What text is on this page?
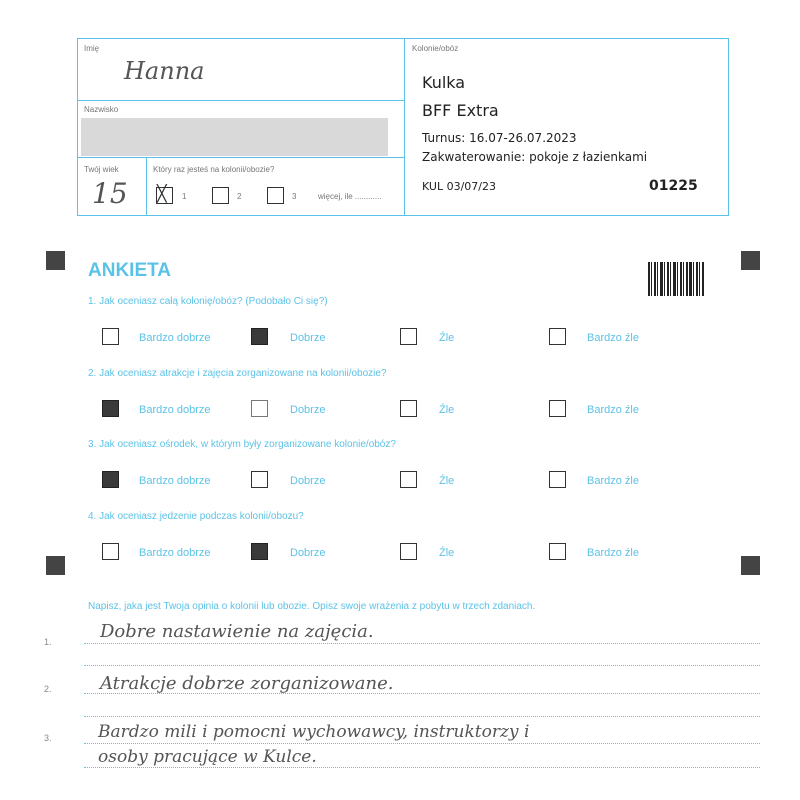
Imię
Hanna
Nazwisko
Twój wiek
15
Który raz jesteś na kolonii/obozie?
╳ 1	2	3	więcej, ile ............
Kolonie/obóz
Kulka
BFF Extra
Turnus: 16.07-26.07.2023
Zakwaterowanie: pokoje z łazienkami
KUL 03/07/23	01225
ANKIETA
1. Jak oceniasz całą kolonię/obóz? (Podobało Ci się?)
Bardzo dobrze	Dobrze	Źle	Bardzo źle
2. Jak oceniasz atrakcje i zajęcia zorganizowane na kolonii/obozie?
Bardzo dobrze	Dobrze	Źle	Bardzo źle
3. Jak oceniasz ośrodek, w którym były zorganizowane kolonie/obóz?
Bardzo dobrze	Dobrze	Źle	Bardzo źle
4. Jak oceniasz jedzenie podczas kolonii/obozu?
Bardzo dobrze	Dobrze	Źle	Bardzo źle
Napisz, jaka jest Twoja opinia o kolonii lub obozie. Opisz swoje wrażenia z pobytu w trzech zdaniach.
1.	Dobre nastawienie na zajęcia.
2.	Atrakcje dobrze zorganizowane.
3.	Bardzo mili i pomocni wychowawcy, instruktorzy i
osoby pracujące w Kulce.
